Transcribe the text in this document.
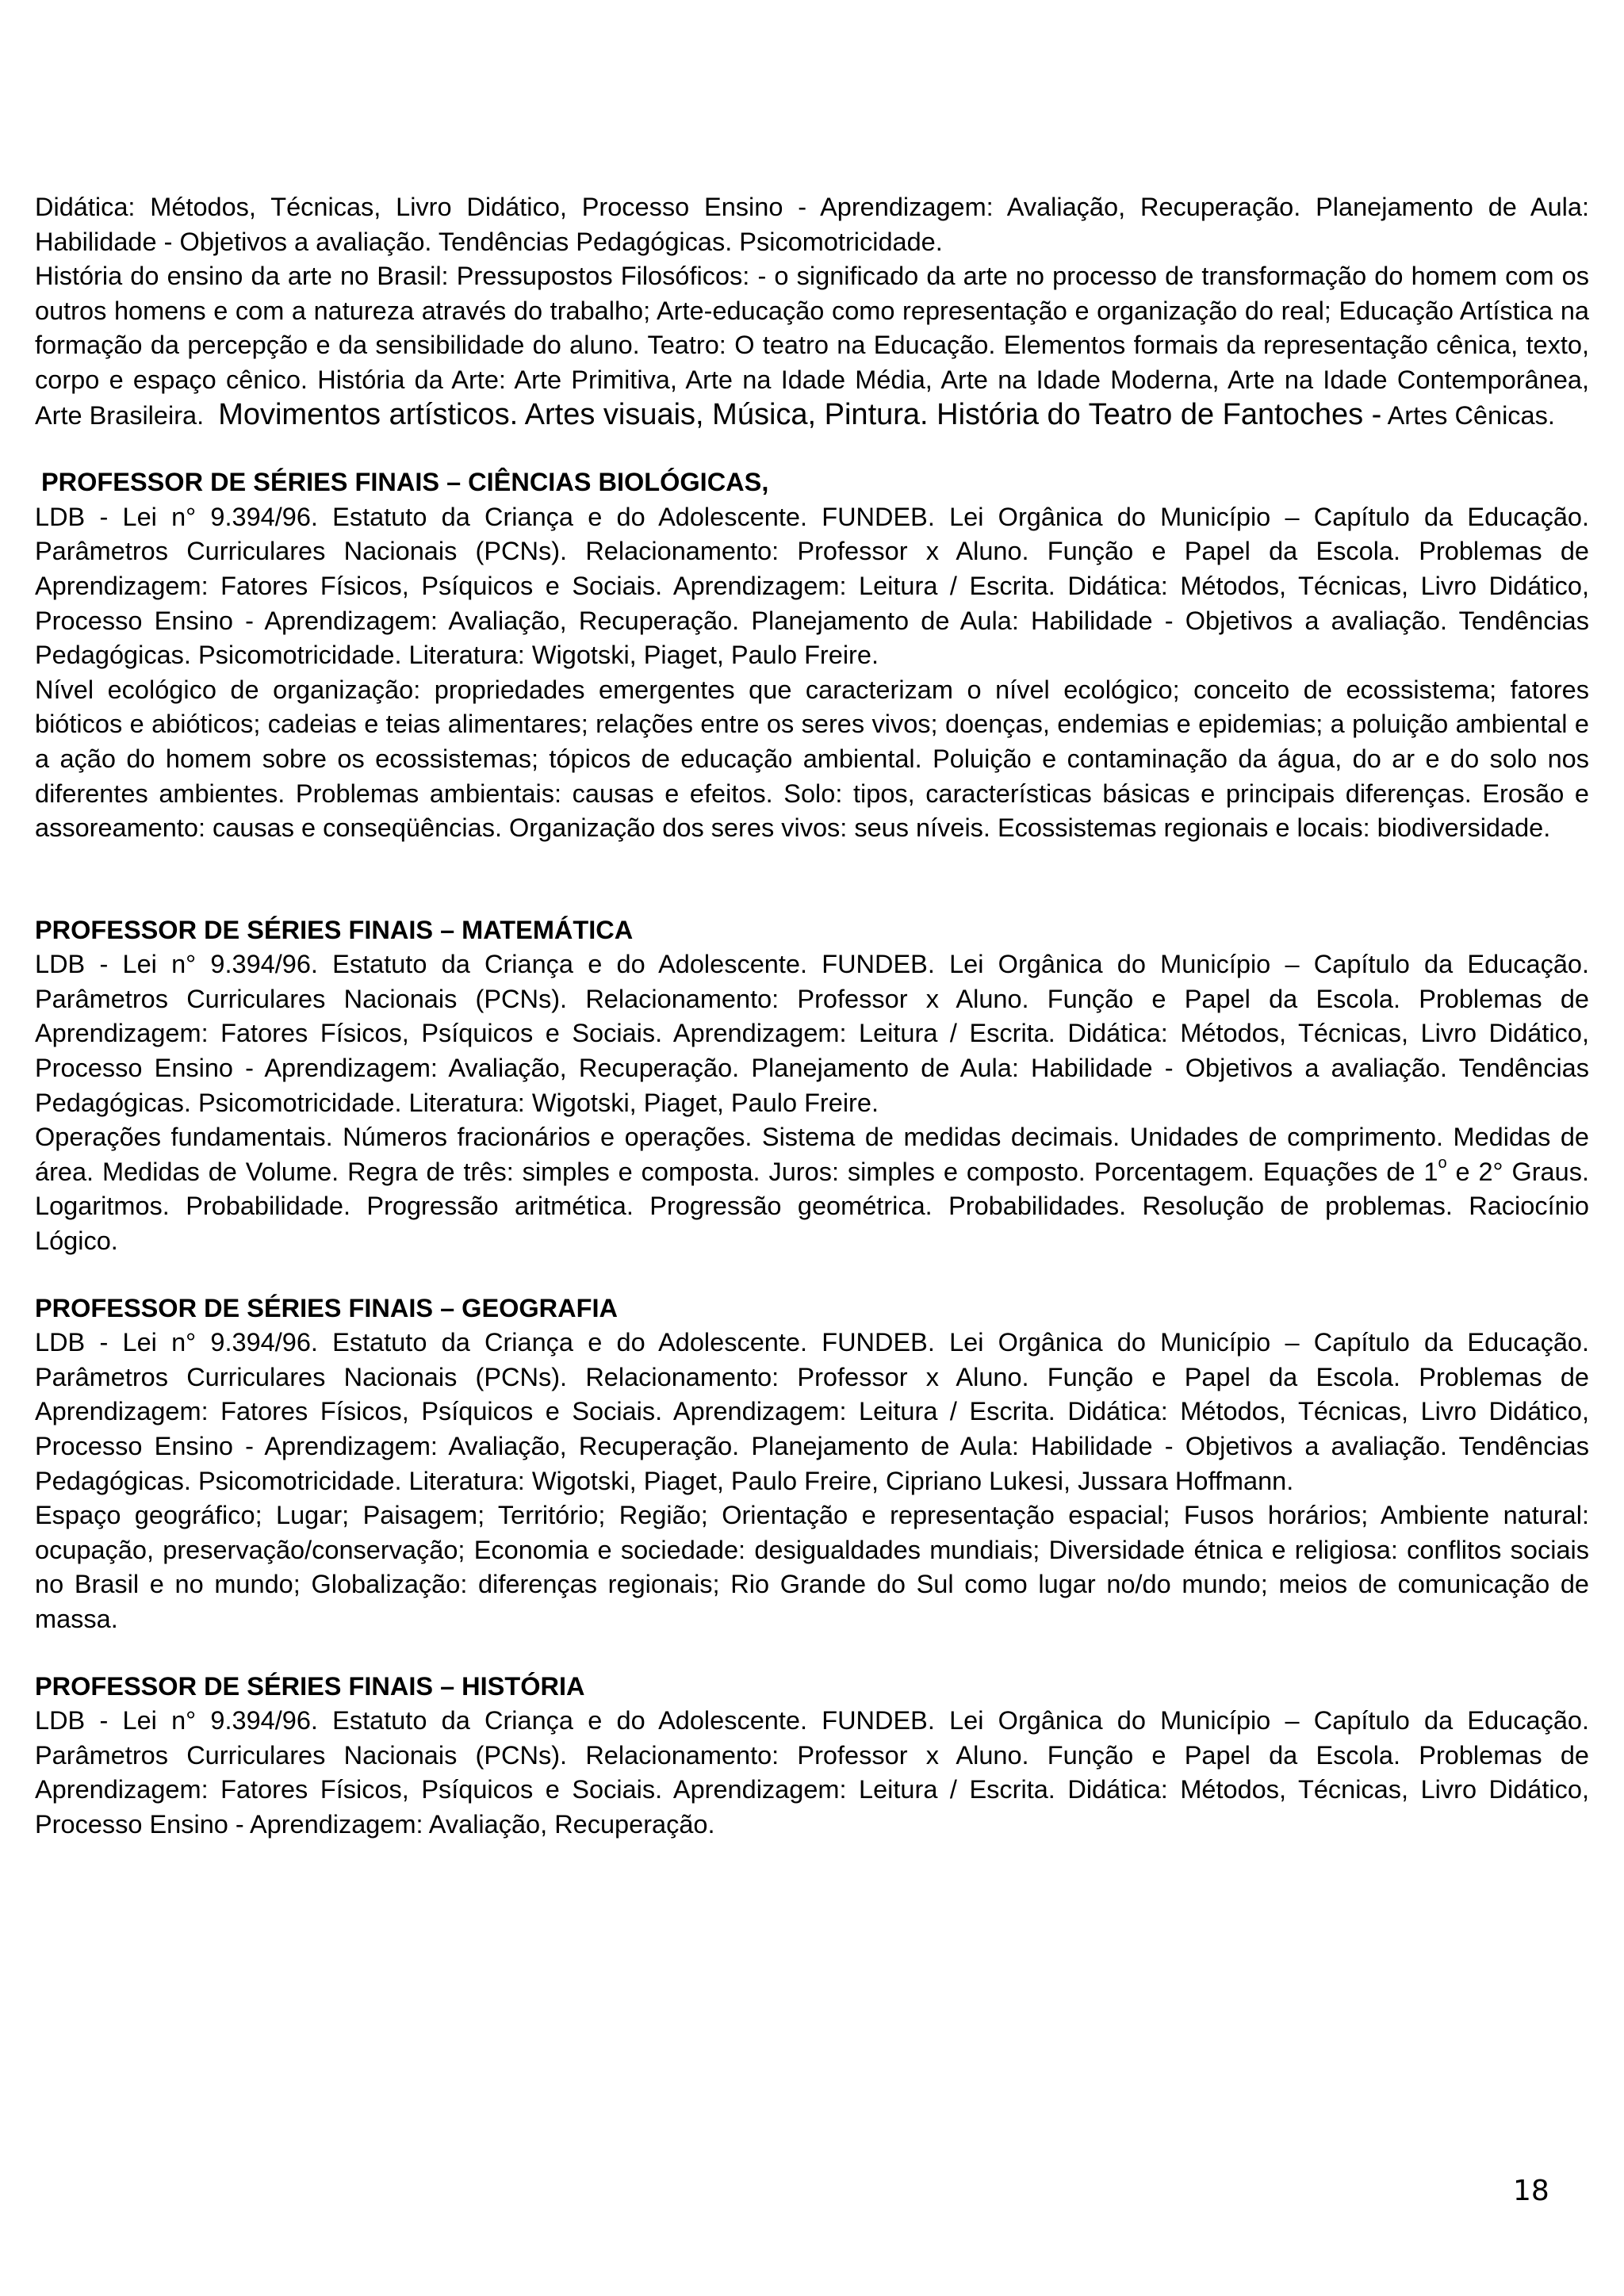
Didática: Métodos, Técnicas, Livro Didático, Processo Ensino - Aprendizagem: Avaliação, Recuperação. Planejamento de Aula: Habilidade - Objetivos a avaliação. Tendências Pedagógicas. Psicomotricidade.

História do ensino da arte no Brasil: Pressupostos Filosóficos: - o significado da arte no processo de transformação do homem com os outros homens e com a natureza através do trabalho; Arte-educação como representação e organização do real; Educação Artística na formação da percepção e da sensibilidade do aluno. Teatro: O teatro na Educação. Elementos formais da representação cênica, texto, corpo e espaço cênico. História da Arte: Arte Primitiva, Arte na Idade Média, Arte na Idade Moderna, Arte na Idade Contemporânea, Arte Brasileira. Movimentos artísticos. Artes visuais, Música, Pintura. História do Teatro de Fantoches - Artes Cênicas.

PROFESSOR DE SÉRIES FINAIS – CIÊNCIAS BIOLÓGICAS,

LDB - Lei n° 9.394/96. Estatuto da Criança e do Adolescente. FUNDEB. Lei Orgânica do Município – Capítulo da Educação. Parâmetros Curriculares Nacionais (PCNs). Relacionamento: Professor x Aluno. Função e Papel da Escola. Problemas de Aprendizagem: Fatores Físicos, Psíquicos e Sociais. Aprendizagem: Leitura / Escrita. Didática: Métodos, Técnicas, Livro Didático, Processo Ensino - Aprendizagem: Avaliação, Recuperação. Planejamento de Aula: Habilidade - Objetivos a avaliação. Tendências Pedagógicas. Psicomotricidade. Literatura: Wigotski, Piaget, Paulo Freire.

Nível ecológico de organização: propriedades emergentes que caracterizam o nível ecológico; conceito de ecossistema; fatores bióticos e abióticos; cadeias e teias alimentares; relações entre os seres vivos; doenças, endemias e epidemias; a poluição ambiental e a ação do homem sobre os ecossistemas; tópicos de educação ambiental. Poluição e contaminação da água, do ar e do solo nos diferentes ambientes. Problemas ambientais: causas e efeitos. Solo: tipos, características básicas e principais diferenças. Erosão e assoreamento: causas e conseqüências. Organização dos seres vivos: seus níveis. Ecossistemas regionais e locais: biodiversidade.

PROFESSOR DE SÉRIES FINAIS – MATEMÁTICA

LDB - Lei n° 9.394/96. Estatuto da Criança e do Adolescente. FUNDEB. Lei Orgânica do Município – Capítulo da Educação. Parâmetros Curriculares Nacionais (PCNs). Relacionamento: Professor x Aluno. Função e Papel da Escola. Problemas de Aprendizagem: Fatores Físicos, Psíquicos e Sociais. Aprendizagem: Leitura / Escrita. Didática: Métodos, Técnicas, Livro Didático, Processo Ensino - Aprendizagem: Avaliação, Recuperação. Planejamento de Aula: Habilidade - Objetivos a avaliação. Tendências Pedagógicas. Psicomotricidade. Literatura: Wigotski, Piaget, Paulo Freire.

Operações fundamentais. Números fracionários e operações. Sistema de medidas decimais. Unidades de comprimento. Medidas de área. Medidas de Volume. Regra de três: simples e composta. Juros: simples e composto. Porcentagem. Equações de 1$^o$ e 2° Graus. Logaritmos. Probabilidade. Progressão aritmética. Progressão geométrica. Probabilidades. Resolução de problemas. Raciocínio Lógico.

PROFESSOR DE SÉRIES FINAIS – GEOGRAFIA

LDB - Lei n° 9.394/96. Estatuto da Criança e do Adolescente. FUNDEB. Lei Orgânica do Município – Capítulo da Educação. Parâmetros Curriculares Nacionais (PCNs). Relacionamento: Professor x Aluno. Função e Papel da Escola. Problemas de Aprendizagem: Fatores Físicos, Psíquicos e Sociais. Aprendizagem: Leitura / Escrita. Didática: Métodos, Técnicas, Livro Didático, Processo Ensino - Aprendizagem: Avaliação, Recuperação. Planejamento de Aula: Habilidade - Objetivos a avaliação. Tendências Pedagógicas. Psicomotricidade. Literatura: Wigotski, Piaget, Paulo Freire, Cipriano Lukesi, Jussara Hoffmann.

Espaço geográfico; Lugar; Paisagem; Território; Região; Orientação e representação espacial; Fusos horários; Ambiente natural: ocupação, preservação/conservação; Economia e sociedade: desigualdades mundiais; Diversidade étnica e religiosa: conflitos sociais no Brasil e no mundo; Globalização: diferenças regionais; Rio Grande do Sul como lugar no/do mundo; meios de comunicação de massa.

PROFESSOR DE SÉRIES FINAIS – HISTÓRIA

LDB - Lei n° 9.394/96. Estatuto da Criança e do Adolescente. FUNDEB. Lei Orgânica do Município – Capítulo da Educação. Parâmetros Curriculares Nacionais (PCNs). Relacionamento: Professor x Aluno. Função e Papel da Escola. Problemas de Aprendizagem: Fatores Físicos, Psíquicos e Sociais. Aprendizagem: Leitura / Escrita. Didática: Métodos, Técnicas, Livro Didático, Processo Ensino - Aprendizagem: Avaliação, Recuperação.

18
